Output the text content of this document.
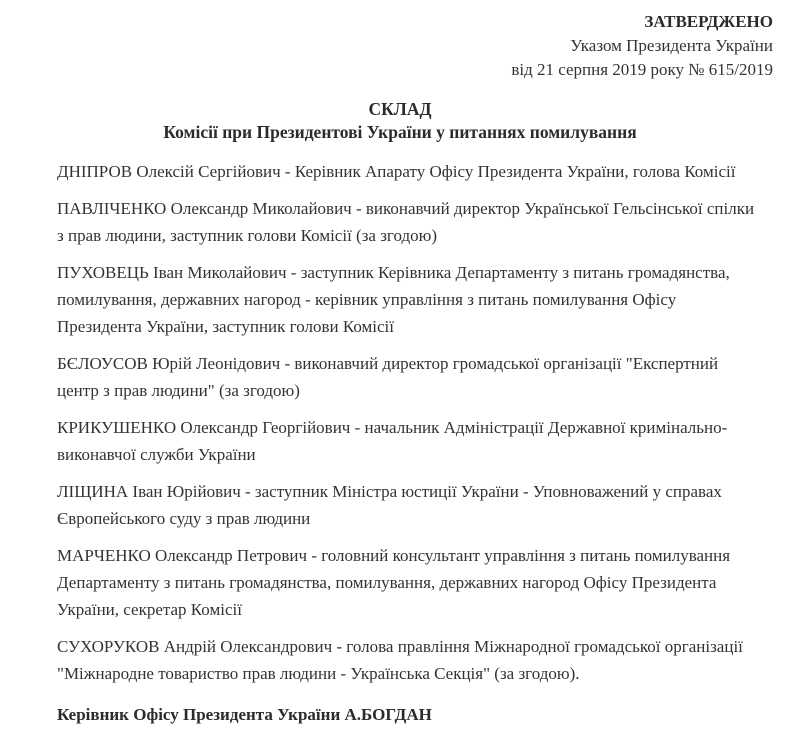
ЗАТВЕРДЖЕНО
Указом Президента України
від 21 серпня 2019 року № 615/2019
СКЛАД
Комісії при Президентові України у питаннях помилування

ДНІПРОВ Олексій Сергійович - Керівник Апарату Офісу Президента України, голова Комісії

ПАВЛІЧЕНКО Олександр Миколайович - виконавчий директор Української Гельсінської спілки з прав людини, заступник голови Комісії (за згодою)

ПУХОВЕЦЬ Іван Миколайович - заступник Керівника Департаменту з питань громадянства, помилування, державних нагород - керівник управління з питань помилування Офісу Президента України, заступник голови Комісії

БЄЛОУСОВ Юрій Леонідович - виконавчий директор громадської організації "Експертний центр з прав людини" (за згодою)

КРИКУШЕНКО Олександр Георгійович - начальник Адміністрації Державної кримінально-виконавчої служби України

ЛІЩИНА Іван Юрійович - заступник Міністра юстиції України - Уповноважений у справах Європейського суду з прав людини

МАРЧЕНКО Олександр Петрович - головний консультант управління з питань помилування Департаменту з питань громадянства, помилування, державних нагород Офісу Президента України, секретар Комісії

СУХОРУКОВ Андрій Олександрович - голова правління Міжнародної громадської організації "Міжнародне товариство прав людини - Українська Секція" (за згодою).

Керівник Офісу Президента України А.БОГДАН
